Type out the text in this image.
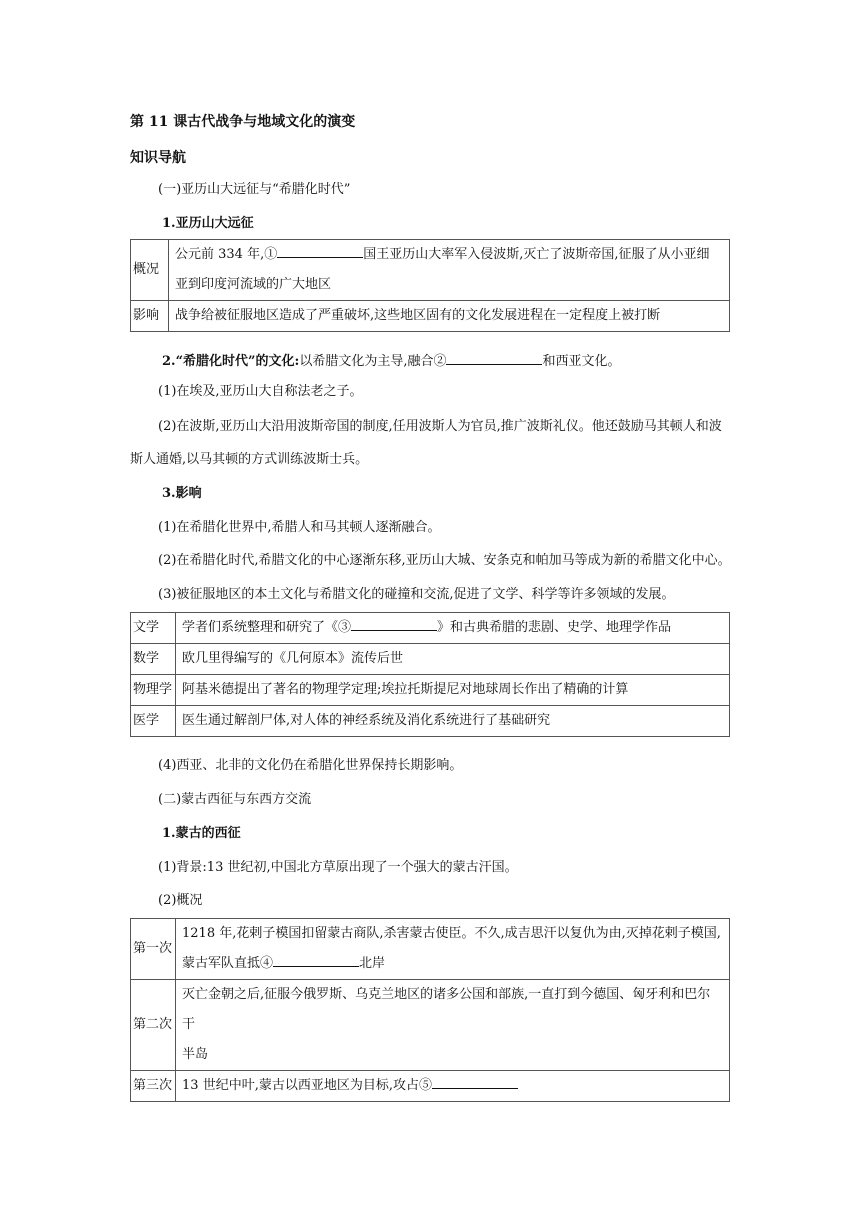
第 11 课古代战争与地域文化的演变
知识导航
(一)亚历山大远征与“希腊化时代”
1.亚历山大远征
概况	公元前 334 年,① 国王亚历山大率军入侵波斯,灭亡了波斯帝国,征服了从小亚细
亚到印度河流域的广大地区

影响	战争给被征服地区造成了严重破坏,这些地区固有的文化发展进程在一定程度上被打断
2.“希腊化时代”的文化:以希腊文化为主导,融合②	和西亚文化。
(1)在埃及,亚历山大自称法老之子。
(2)在波斯,亚历山大沿用波斯帝国的制度,任用波斯人为官员,推广波斯礼仪。他还鼓励马其顿人和波
斯人通婚,以马其顿的方式训练波斯士兵。
3.影响
(1)在希腊化世界中,希腊人和马其顿人逐渐融合。
(2)在希腊化时代,希腊文化的中心逐渐东移,亚历山大城、安条克和帕加马等成为新的希腊文化中心。
(3)被征服地区的本土文化与希腊文化的碰撞和交流,促进了文学、科学等许多领域的发展。
文学	学者们系统整理和研究了《③ 》和古典希腊的悲剧、史学、地理学作品
数学	欧几里得编写的《几何原本》流传后世
物理学	阿基米德提出了著名的物理学定理;埃拉托斯提尼对地球周长作出了精确的计算
医学	医生通过解剖尸体,对人体的神经系统及消化系统进行了基础研究
(4)西亚、北非的文化仍在希腊化世界保持长期影响。
(二)蒙古西征与东西方交流
1.蒙古的西征
(1)背景:13 世纪初,中国北方草原出现了一个强大的蒙古汗国。
(2)概况
第一次	1218 年,花剌子模国扣留蒙古商队,杀害蒙古使臣。不久,成吉思汗以复仇为由,灭掉花剌子模国,
蒙古军队直抵④ 北岸

第二次	灭亡金朝之后,征服今俄罗斯、乌克兰地区的诸多公国和部族,一直打到今德国、匈牙利和巴尔干
半岛

第三次	13 世纪中叶,蒙古以西亚地区为目标,攻占⑤
